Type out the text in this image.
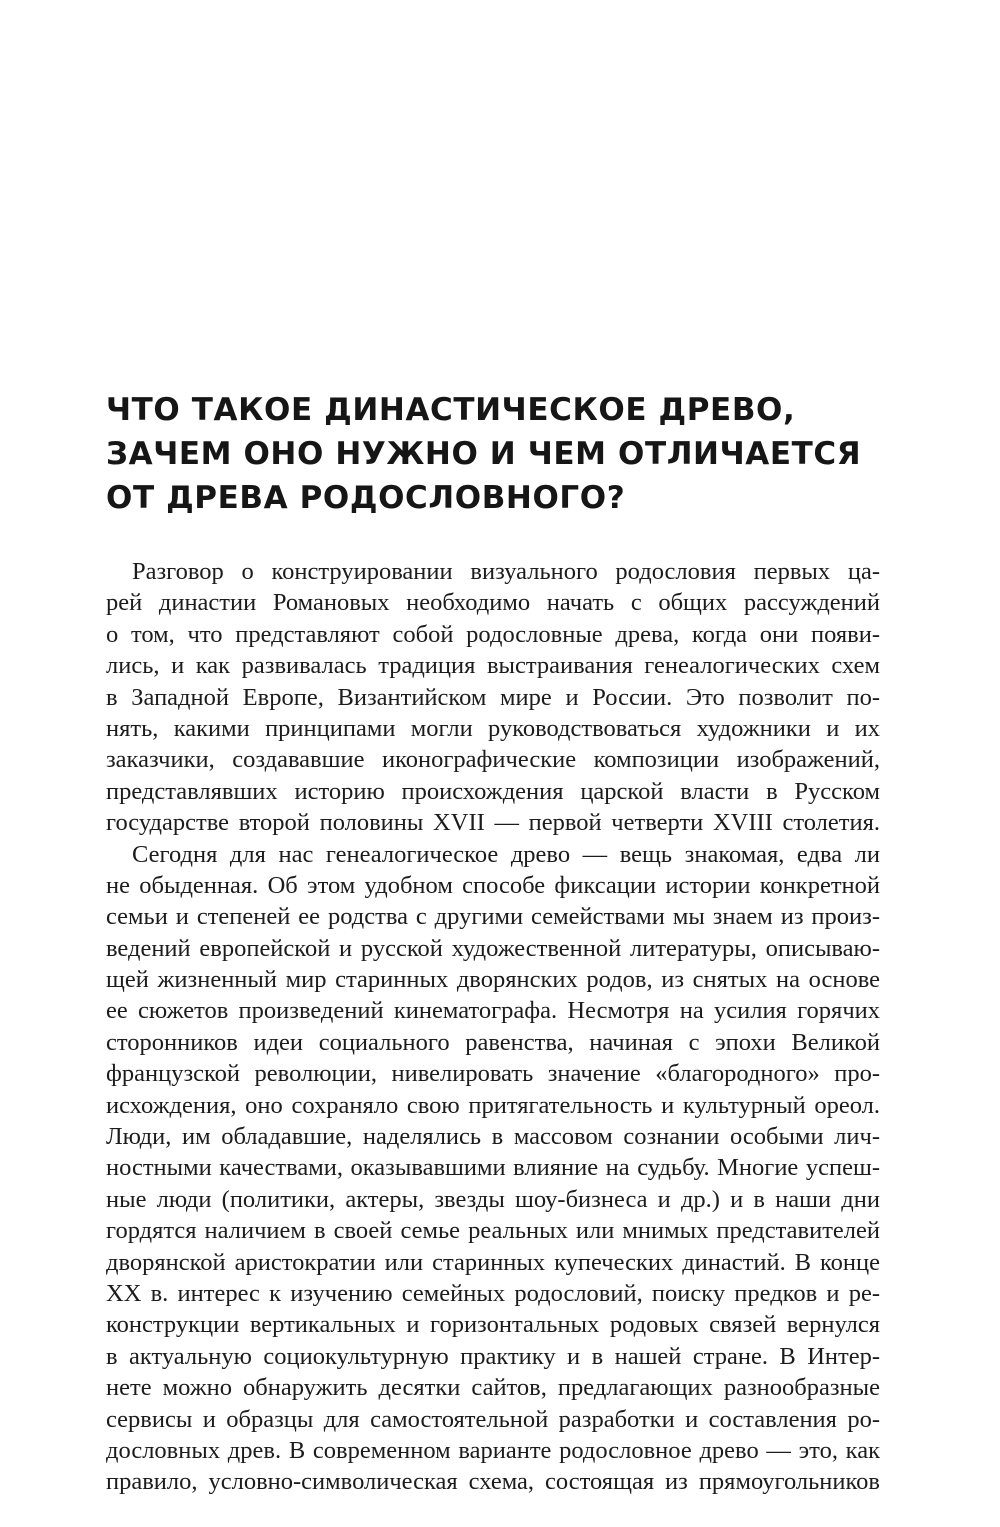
ЧТО ТАКОЕ ДИНАСТИЧЕСКОЕ ДРЕВО,
ЗАЧЕМ ОНО НУЖНО И ЧЕМ ОТЛИЧАЕТСЯ
ОТ ДРЕВА РОДОСЛОВНОГО?
Разговор о конструировании визуального родословия первых ца-
рей династии Романовых необходимо начать с общих рассуждений
о том, что представляют собой родословные древа, когда они появи-
лись, и как развивалась традиция выстраивания генеалогических схем
в Западной Европе, Византийском мире и России. Это позволит по-
нять, какими принципами могли руководствоваться художники и их
заказчики, создававшие иконографические композиции изображений,
представлявших историю происхождения царской власти в Русском
государстве второй половины XVII — первой четверти XVIII столетия.
Сегодня для нас генеалогическое древо — вещь знакомая, едва ли
не обыденная. Об этом удобном способе фиксации истории конкретной
семьи и степеней ее родства с другими семействами мы знаем из произ-
ведений европейской и русской художественной литературы, описываю-
щей жизненный мир старинных дворянских родов, из снятых на основе
ее сюжетов произведений кинематографа. Несмотря на усилия горячих
сторонников идеи социального равенства, начиная с эпохи Великой
французской революции, нивелировать значение «благородного» про-
исхождения, оно сохраняло свою притягательность и культурный ореол.
Люди, им обладавшие, наделялись в массовом сознании особыми лич-
ностными качествами, оказывавшими влияние на судьбу. Многие успеш-
ные люди (политики, актеры, звезды шоу-бизнеса и др.) и в наши дни
гордятся наличием в своей семье реальных или мнимых представителей
дворянской аристократии или старинных купеческих династий. В конце
XX в. интерес к изучению семейных родословий, поиску предков и ре-
конструкции вертикальных и горизонтальных родовых связей вернулся
в актуальную социокультурную практику и в нашей стране. В Интер-
нете можно обнаружить десятки сайтов, предлагающих разнообразные
сервисы и образцы для самостоятельной разработки и составления ро-
дословных древ. В современном варианте родословное древо — это, как
правило, условно-символическая схема, состоящая из прямоугольников
